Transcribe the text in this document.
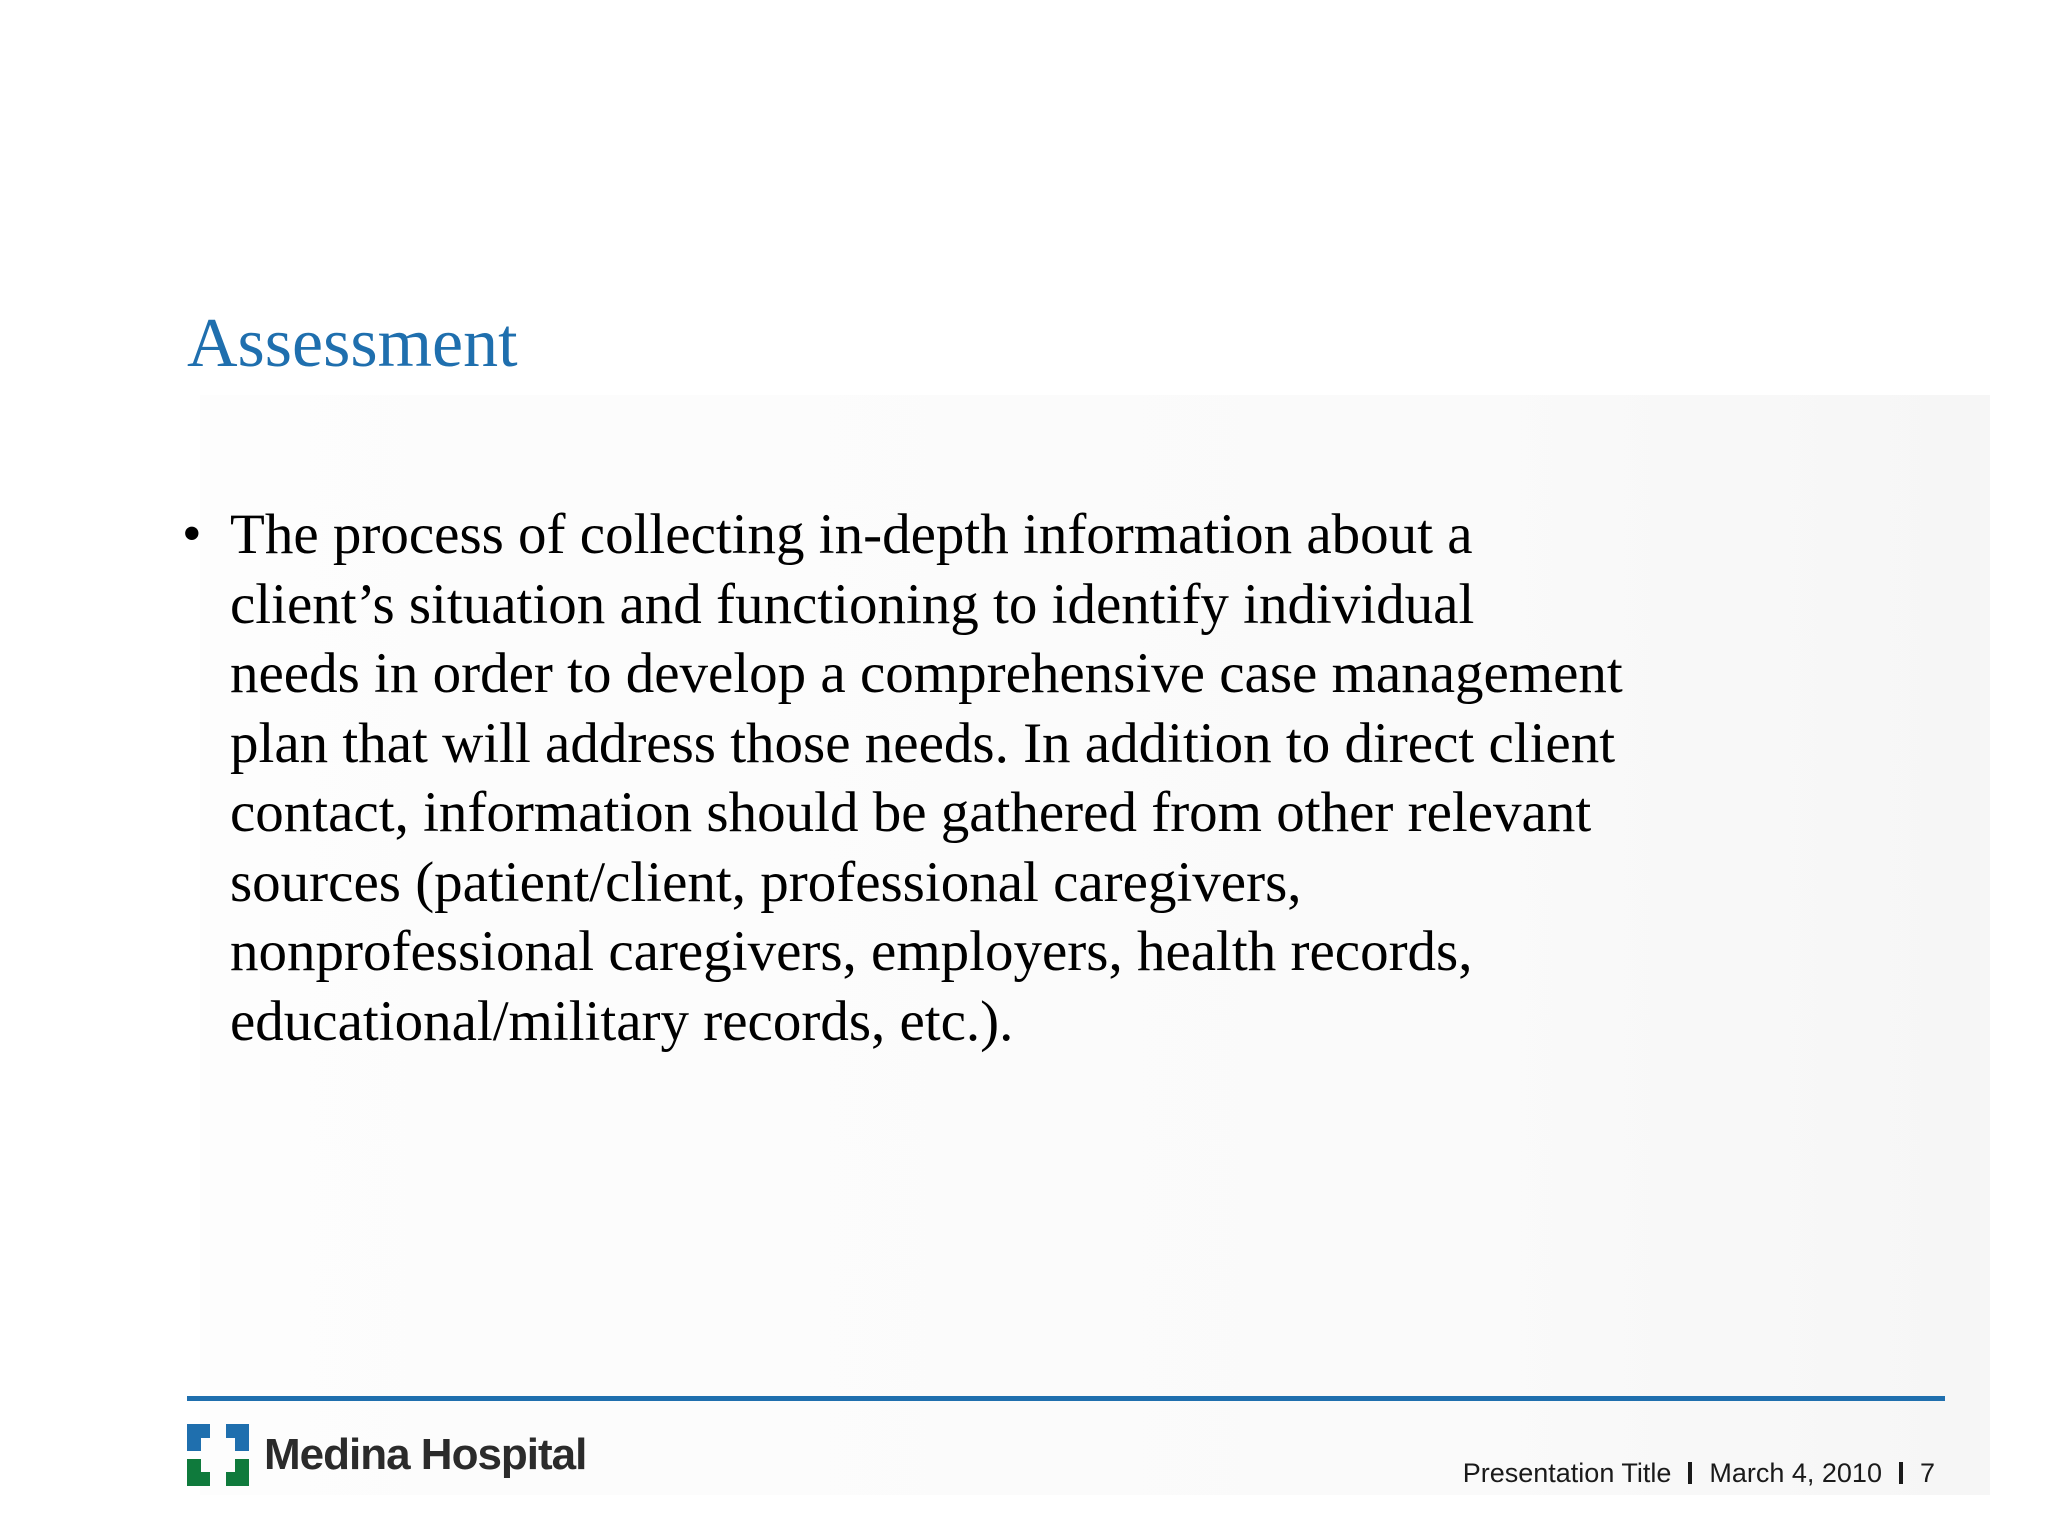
Assessment
• The process of collecting in-depth information about a
client’s situation and functioning to identify individual
needs in order to develop a comprehensive case management
plan that will address those needs. In addition to direct client
contact, information should be gathered from other relevant
sources (patient/client, professional caregivers,
nonprofessional caregivers, employers, health records,
educational/military records, etc.).
Medina Hospital	Presentation Title March 4, 2010 7
